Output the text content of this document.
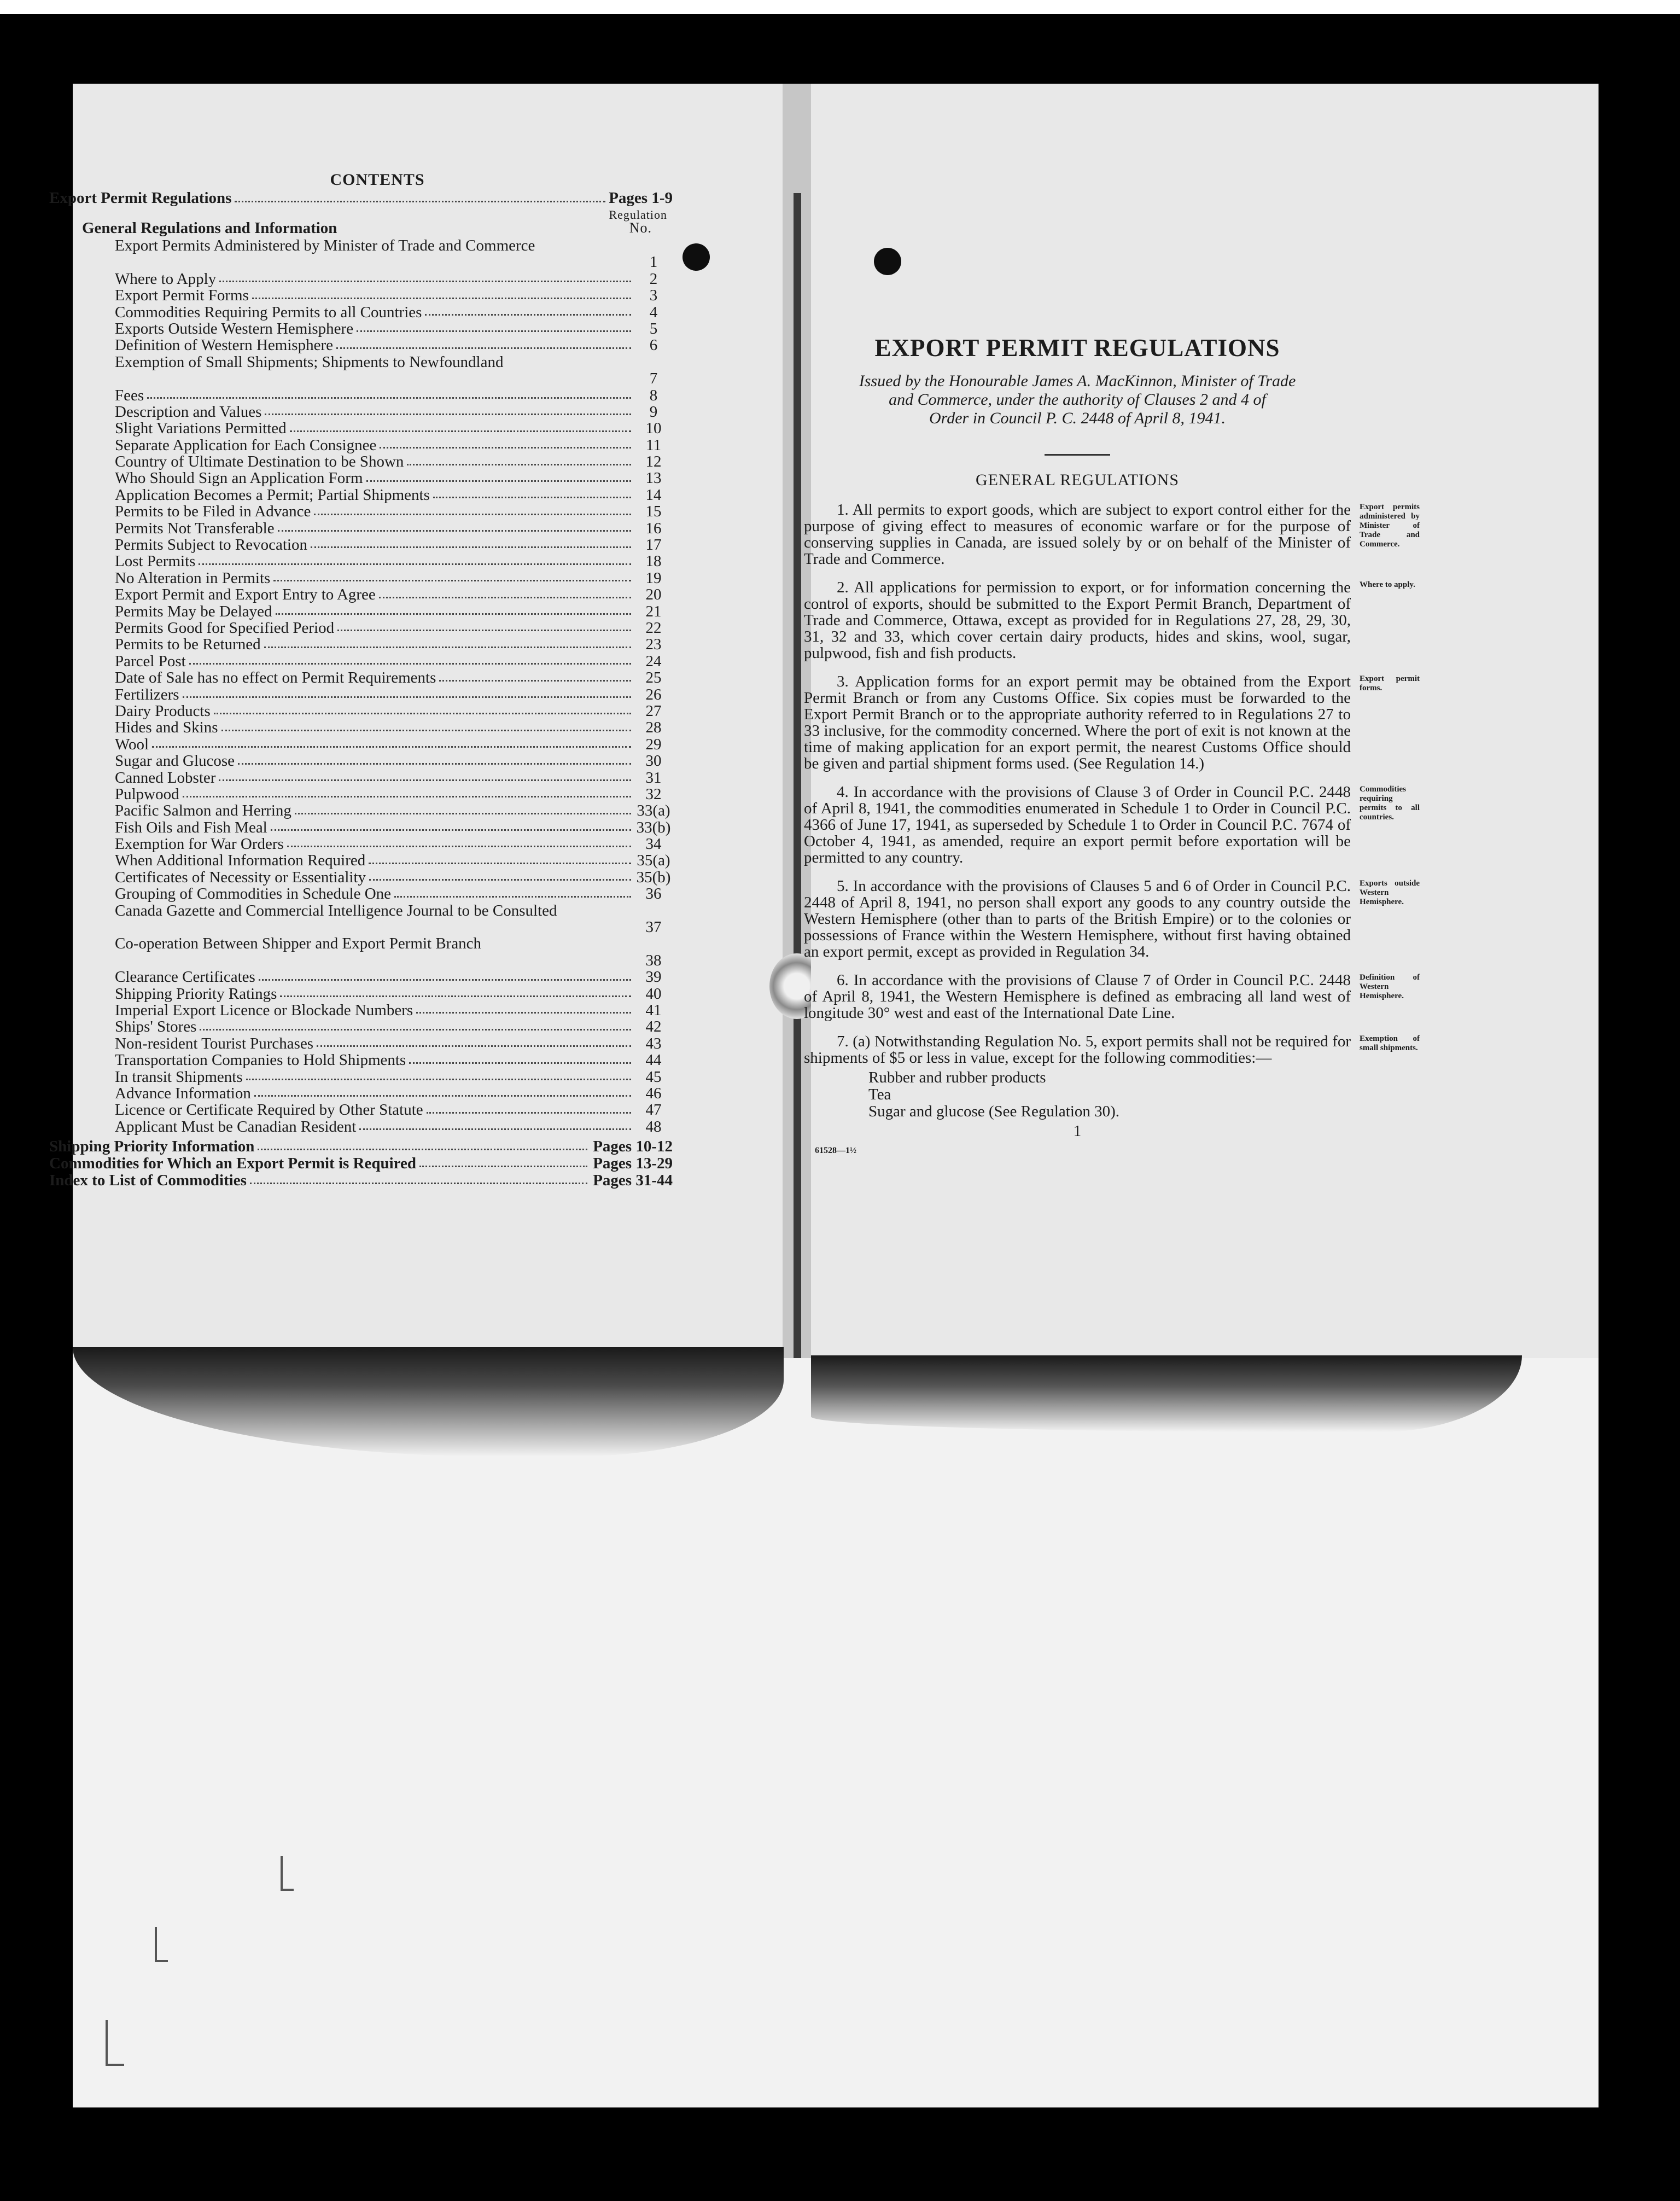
CONTENTS
Export Permit Regulations	Pages 1-9
Regulation
No.
General Regulations and Information
Export Permits Administered by Minister of Trade and Commerce
1
Where to Apply	2
Export Permit Forms	3
Commodities Requiring Permits to all Countries	4
Exports Outside Western Hemisphere	5
Definition of Western Hemisphere	6
Exemption of Small Shipments; Shipments to Newfoundland
7
Fees	8
Description and Values	9
Slight Variations Permitted	10
Separate Application for Each Consignee	11
Country of Ultimate Destination to be Shown	12
Who Should Sign an Application Form	13
Application Becomes a Permit; Partial Shipments	14
Permits to be Filed in Advance	15
Permits Not Transferable	16
Permits Subject to Revocation	17
Lost Permits	18
No Alteration in Permits	19
Export Permit and Export Entry to Agree	20
Permits May be Delayed	21
Permits Good for Specified Period	22
Permits to be Returned	23
Parcel Post	24
Date of Sale has no effect on Permit Requirements	25
Fertilizers	26
Dairy Products	27
Hides and Skins	28
Wool	29
Sugar and Glucose	30
Canned Lobster	31
Pulpwood	32
Pacific Salmon and Herring	33(a)
Fish Oils and Fish Meal	33(b)
Exemption for War Orders	34
When Additional Information Required	35(a)
Certificates of Necessity or Essentiality	35(b)
Grouping of Commodities in Schedule One	36
Canada Gazette and Commercial Intelligence Journal to be Consulted
37
Co-operation Between Shipper and Export Permit Branch
38
Clearance Certificates	39
Shipping Priority Ratings	40
Imperial Export Licence or Blockade Numbers	41
Ships' Stores	42
Non-resident Tourist Purchases	43
Transportation Companies to Hold Shipments	44
In transit Shipments	45
Advance Information	46
Licence or Certificate Required by Other Statute	47
Applicant Must be Canadian Resident	48
Shipping Priority Information	Pages 10-12
Commodities for Which an Export Permit is Required	Pages 13-29
Index to List of Commodities	Pages 31-44
EXPORT PERMIT REGULATIONS
Issued by the Honourable James A. MacKinnon, Minister of Trade
and Commerce, under the authority of Clauses 2 and 4 of
Order in Council P. C. 2448 of April 8, 1941.
GENERAL REGULATIONS
1. All permits to export goods, which are subject to export control either for the purpose of giving effect to measures of economic warfare or for the purpose of conserving supplies in Canada, are issued solely by or on behalf of the Minister of Trade and Commerce.
Export permits administered by Minister of Trade and Commerce.
2. All applications for permission to export, or for information concerning the control of exports, should be submitted to the Export Permit Branch, Department of Trade and Commerce, Ottawa, except as provided for in Regulations 27, 28, 29, 30, 31, 32 and 33, which cover certain dairy products, hides and skins, wool, sugar, pulpwood, fish and fish products.
Where to apply.
3. Application forms for an export permit may be obtained from the Export Permit Branch or from any Customs Office. Six copies must be forwarded to the Export Permit Branch or to the appropriate authority referred to in Regulations 27 to 33 inclusive, for the commodity concerned. Where the port of exit is not known at the time of making application for an export permit, the nearest Customs Office should be given and partial shipment forms used. (See Regulation 14.)
Export permit forms.
4. In accordance with the provisions of Clause 3 of Order in Council P.C. 2448 of April 8, 1941, the commodities enumerated in Schedule 1 to Order in Council P.C. 4366 of June 17, 1941, as superseded by Schedule 1 to Order in Council P.C. 7674 of October 4, 1941, as amended, require an export permit before exportation will be permitted to any country.
Commodities requiring permits to all countries.
5. In accordance with the provisions of Clauses 5 and 6 of Order in Council P.C. 2448 of April 8, 1941, no person shall export any goods to any country outside the Western Hemisphere (other than to parts of the British Empire) or to the colonies or possessions of France within the Western Hemisphere, without first having obtained an export permit, except as provided in Regulation 34.
Exports outside Western Hemisphere.
6. In accordance with the provisions of Clause 7 of Order in Council P.C. 2448 of April 8, 1941, the Western Hemisphere is defined as embracing all land west of longitude 30° west and east of the International Date Line.
Definition of Western Hemisphere.
7. (a) Notwithstanding Regulation No. 5, export permits shall not be required for shipments of $5 or less in value, except for the following commodities:—
Exemption of small shipments.
Rubber and rubber products
Tea
Sugar and glucose (See Regulation 30).
1
61528—1½
